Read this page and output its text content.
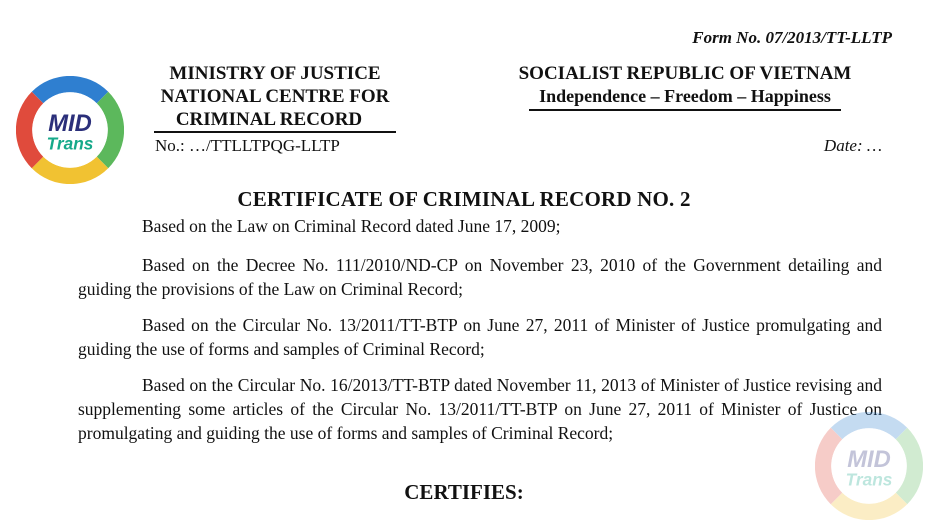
MID
Trans
Form No. 07/2013/TT-LLTP
MINISTRY OF JUSTICE
NATIONAL CENTRE FOR
CRIMINAL RECORD
No.: …/TTLLTPQG-LLTP
SOCIALIST REPUBLIC OF VIETNAM
Independence – Freedom – Happiness
Date: …
CERTIFICATE OF CRIMINAL RECORD NO. 2
Based on the Law on Criminal Record dated June 17, 2009;
Based on the Decree No. 111/2010/ND-CP on November 23, 2010 of the Government detailing and guiding the provisions of the Law on Criminal Record;
Based on the Circular No. 13/2011/TT-BTP on June 27, 2011 of Minister of Justice promulgating and guiding the use of forms and samples of Criminal Record;
Based on the Circular No. 16/2013/TT-BTP dated November 11, 2013 of Minister of Justice revising and supplementing some articles of the Circular No. 13/2011/TT-BTP on June 27, 2011 of Minister of Justice on promulgating and guiding the use of forms and samples of Criminal Record;
CERTIFIES:
MID
Trans
